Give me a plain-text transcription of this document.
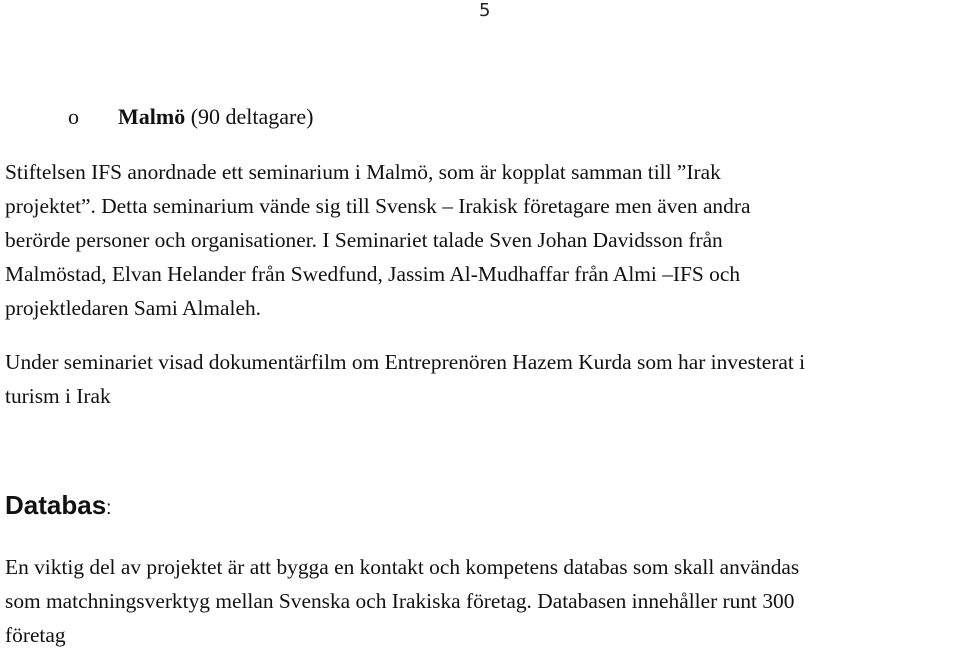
5
o Malmö (90 deltagare)

Stiftelsen IFS anordnade ett seminarium i Malmö, som är kopplat samman till ”Irak
projektet”. Detta seminarium vände sig till Svensk – Irakisk företagare men även andra
berörde personer och organisationer. I Seminariet talade Sven Johan Davidsson från
Malmöstad, Elvan Helander från Swedfund, Jassim Al-Mudhaffar från Almi –IFS och
projektledaren Sami Almaleh.

Under seminariet visad dokumentärfilm om Entreprenören Hazem Kurda som har investerat i
turism i Irak

Databas:

En viktig del av projektet är att bygga en kontakt och kompetens databas som skall användas
som matchningsverktyg mellan Svenska och Irakiska företag. Databasen innehåller runt 300
företag
